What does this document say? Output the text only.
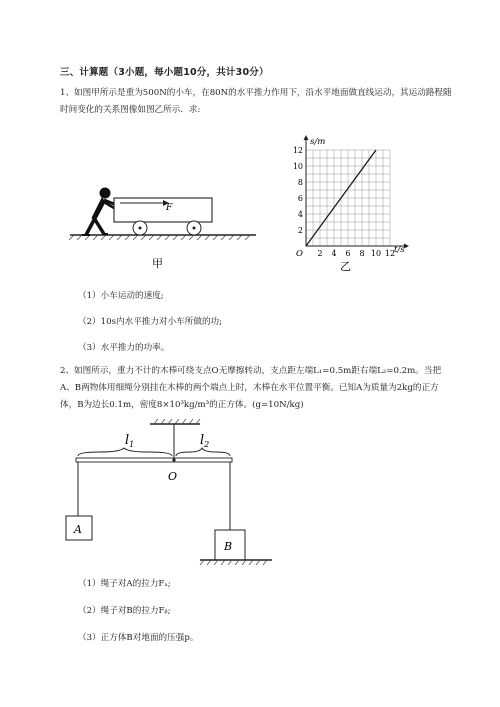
三、计算题（3小题，每小题10分，共计30分）
1、如图甲所示是重为500N的小车，在80N的水平推力作用下，沿水平地面做直线运动，其运动路程随时间变化的关系图像如图乙所示．求:
F
甲
2 4 6 8 10 12
2
4
6
8
10
12
s/m
t/s
O
乙
（1）小车运动的速度;
（2）10s内水平推力对小车所做的功;
（3）水平推力的功率。
2、如图所示，重力不计的木棒可绕支点O无摩擦转动，支点距左端L₁=0.5m距右端L₂=0.2m。当把A、B两物体用细绳分别挂在木棒的两个端点上时，木棒在水平位置平衡。已知A为质量为2kg的正方体，B为边长0.1m，密度8×10³kg/m³的正方体。(g=10N/kg)
$l_1$	$l_2$
O
A
B
（1）绳子对A的拉力Fₐ;
（2）绳子对B的拉力Fᵦ;
（3）正方体B对地面的压强p。
